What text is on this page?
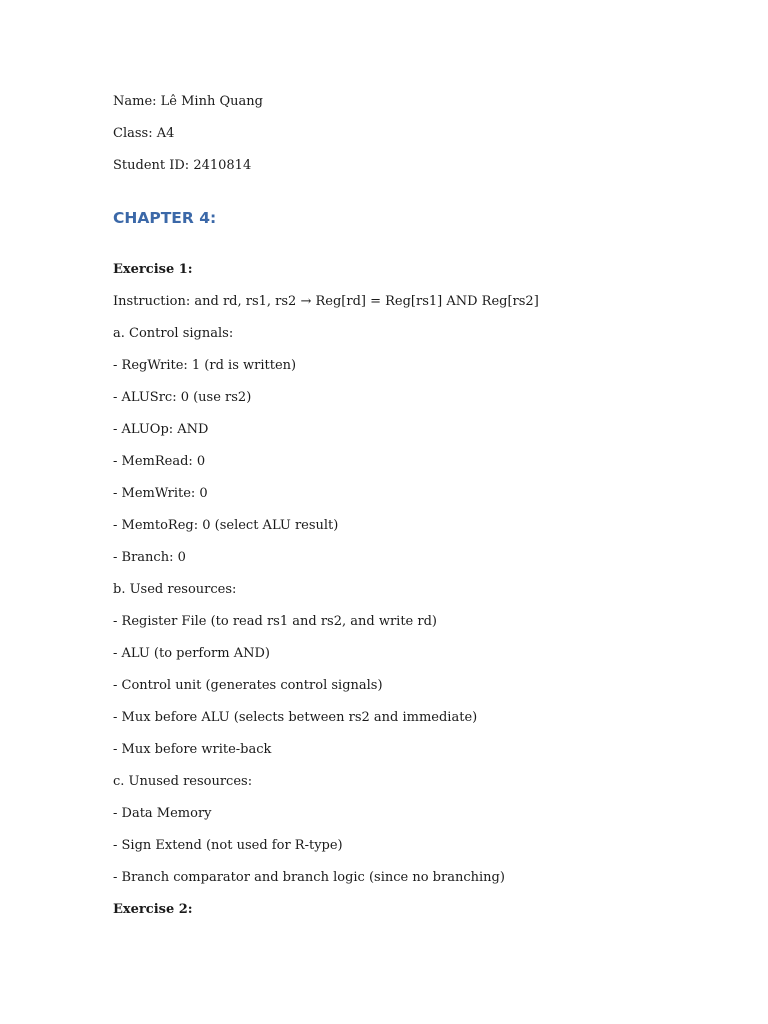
Name: Lê Minh Quang
Class: A4
Student ID: 2410814
CHAPTER 4:
Exercise 1:
Instruction: and rd, rs1, rs2 → Reg[rd] = Reg[rs1] AND Reg[rs2]
a. Control signals:
- RegWrite: 1 (rd is written)
- ALUSrc: 0 (use rs2)
- ALUOp: AND
- MemRead: 0
- MemWrite: 0
- MemtoReg: 0 (select ALU result)
- Branch: 0
b. Used resources:
- Register File (to read rs1 and rs2, and write rd)
- ALU (to perform AND)
- Control unit (generates control signals)
- Mux before ALU (selects between rs2 and immediate)
- Mux before write-back
c. Unused resources:
- Data Memory
- Sign Extend (not used for R-type)
- Branch comparator and branch logic (since no branching)
Exercise 2:
